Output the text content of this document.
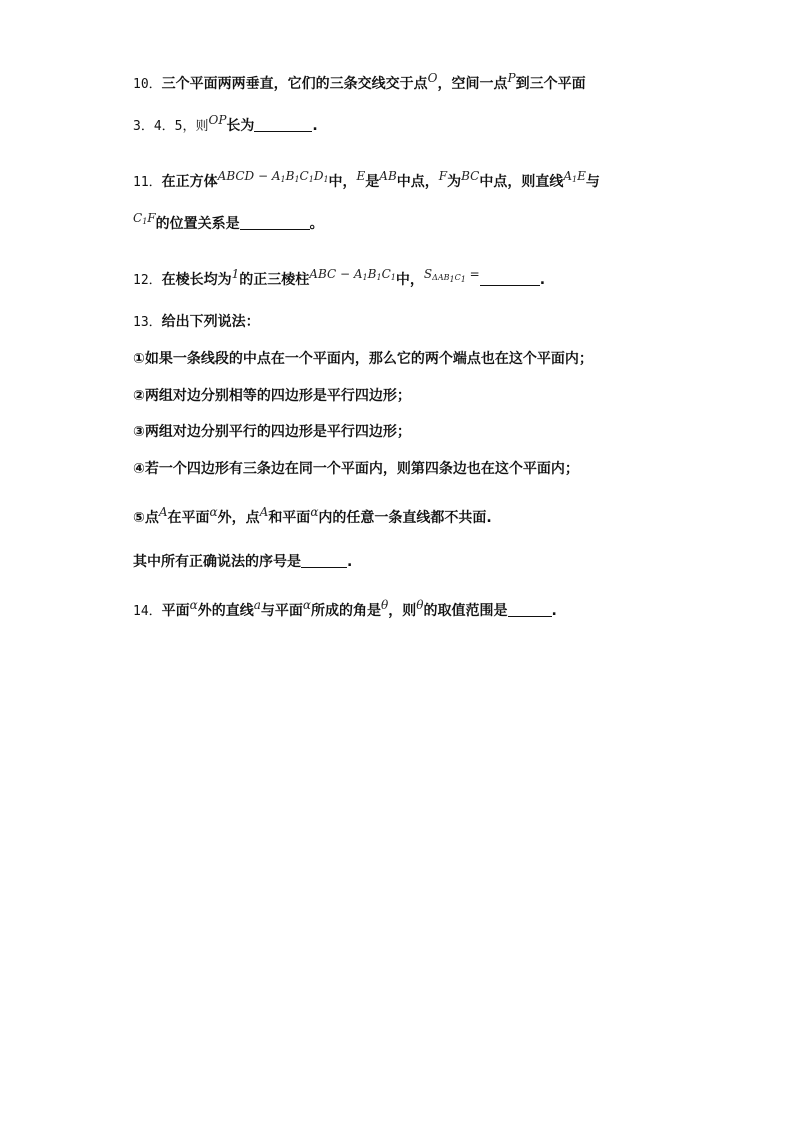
10．三个平面两两垂直，它们的三条交线交于点O，空间一点P到三个平面
3．4．5，则OP长为	.
11．在正方体ABCD − $A_1B_1C_1D_1$中，E是AB中点，F为BC中点，则直线$A_1E$与
$C_1F$的位置关系是	。
12．在棱长均为1的正三棱柱ABC − $A_1B_1C_1$中，$S_{\Delta AB_1C_1}$ =	.
13．给出下列说法：
①如果一条线段的中点在一个平面内，那么它的两个端点也在这个平面内；
②两组对边分别相等的四边形是平行四边形；
③两组对边分别平行的四边形是平行四边形；
④若一个四边形有三条边在同一个平面内，则第四条边也在这个平面内；
⑤点A在平面α外，点A和平面α内的任意一条直线都不共面.
其中所有正确说法的序号是	.
14．平面α外的直线a与平面α所成的角是θ，则θ的取值范围是	.
